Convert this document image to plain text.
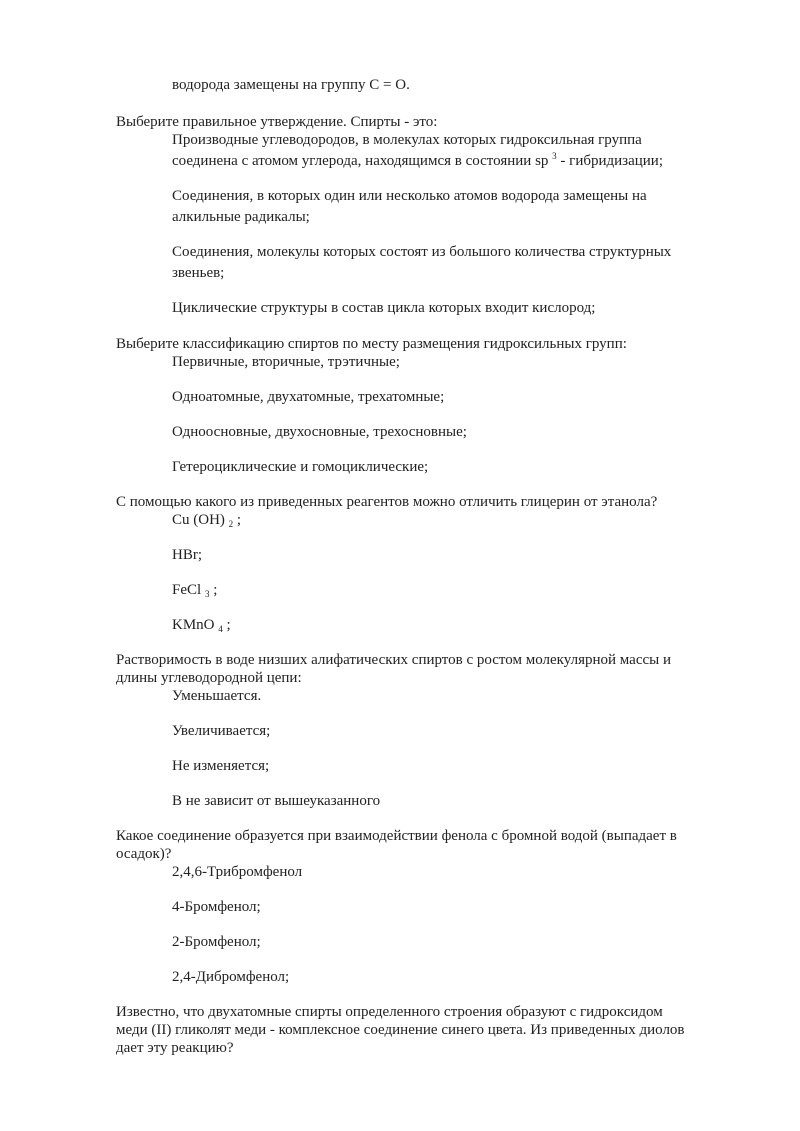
водорода замещены на группу C = O.
Выберите правильное утверждение. Спирты - это:
Производные углеводородов, в молекулах которых гидроксильная группа
соединена с атомом углерода, находящимся в состоянии sp $^3$ - гибридизации;
Соединения, в которых один или несколько атомов водорода замещены на
алкильные радикалы;
Соединения, молекулы которых состоят из большого количества структурных
звеньев;
Циклические структуры в состав цикла которых входит кислород;
Выберите классификацию спиртов по месту размещения гидроксильных групп:
Первичные, вторичные, трэтичные;
Одноатомные, двухатомные, трехатомные;
Одноосновные, двухосновные, трехосновные;
Гетероциклические и гомоциклические;
С помощью какого из приведенных реагентов можно отличить глицерин от этанола?
Cu (OH) $_2$ ;
HBr;
FeCl $_3$ ;
KMnO $_4$ ;
Растворимость в воде низших алифатических спиртов с ростом молекулярной массы и
длины углеводородной цепи:
Уменьшается.
Увеличивается;
Не изменяется;
В не зависит от вышеуказанного
Какое соединение образуется при взаимодействии фенола с бромной водой (выпадает в
осадок)?
2,4,6-Трибромфенол
4-Бромфенол;
2-Бромфенол;
2,4-Дибромфенол;
Известно, что двухатомные спирты определенного строения образуют с гидроксидом
меди (II) гликолят меди - комплексное соединение синего цвета. Из приведенных диолов
дает эту реакцию?
